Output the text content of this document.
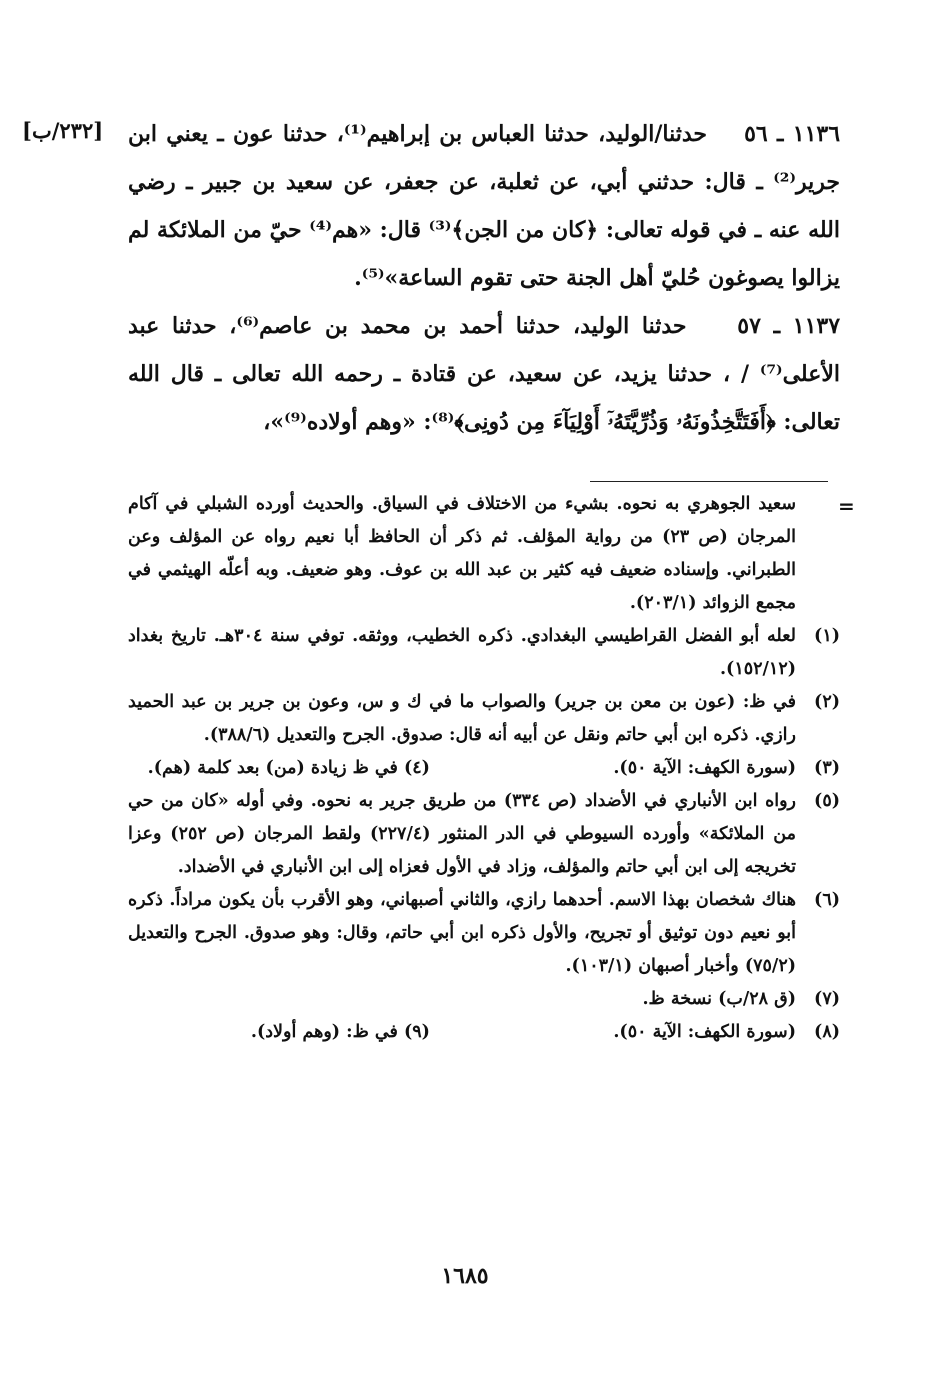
[٢٣٢/ب]	١١٣٦ ـ ٥٦    حدثنا/الوليد، حدثنا العباس بن إبراهيم⁽¹⁾، حدثنا عون ـ يعني ابن جرير⁽²⁾ ـ قال: حدثني أبي، عن ثعلبة، عن جعفر، عن سعيد بن جبير ـ رضي الله عنه ـ في قوله تعالى: ﴿كان من الجن﴾⁽³⁾ قال: «هم⁽⁴⁾ حيّ من الملائكة لم يزالوا يصوغون حُليّ أهل الجنة حتى تقوم الساعة»⁽⁵⁾.

١١٣٧ ـ ٥٧    حدثنا الوليد، حدثنا أحمد بن محمد بن عاصم⁽⁶⁾، حدثنا عبد الأعلى⁽⁷⁾ / ، حدثنا يزيد، عن سعيد، عن قتادة ـ رحمه الله تعالى ـ قال الله تعالى: ﴿أَفَتَتَّخِذُونَهُۥ وَذُرِّيَّتَهُۥٓ أَوْلِيَآءَ مِن دُونِى﴾⁽⁸⁾: «وهم أولاده⁽⁹⁾»،

=

سعيد الجوهري به نحوه. بشيء من الاختلاف في السياق. والحديث أورده الشبلي في آكام المرجان (ص ٢٣) من رواية المؤلف. ثم ذكر أن الحافظ أبا نعيم رواه عن المؤلف وعن الطبراني. وإسناده ضعيف فيه كثير بن عبد الله بن عوف. وهو ضعيف. وبه أعلّه الهيثمي في مجمع الزوائد (٢٠٣/١).

(١)
لعله أبو الفضل القراطيسي البغدادي. ذكره الخطيب، ووثقه. توفي سنة ٣٠٤هـ. تاريخ بغداد (١٥٢/١٢).

(٢)
في ظ: (عون بن معن بن جرير) والصواب ما في ك و س، وعون بن جرير بن عبد الحميد رازي. ذكره ابن أبي حاتم ونقل عن أبيه أنه قال: صدوق. الجرح والتعديل (٣٨٨/٦).

(٣)
(سورة الكهف: الآية ٥٠). (٤) في ظ زيادة (من) بعد كلمة (هم).

(٥)
رواه ابن الأنباري في الأضداد (ص ٣٣٤) من طريق جرير به نحوه. وفي أوله «كان من حي من الملائكة» وأورده السيوطي في الدر المنثور (٢٢٧/٤) ولقط المرجان (ص ٢٥٢) وعزا تخريجه إلى ابن أبي حاتم والمؤلف، وزاد في الأول فعزاه إلى ابن الأنباري في الأضداد.

(٦)
هناك شخصان بهذا الاسم. أحدهما رازي، والثاني أصبهاني، وهو الأقرب بأن يكون مراداً. ذكره أبو نعيم دون توثيق أو تجريح، والأول ذكره ابن أبي حاتم، وقال: وهو صدوق. الجرح والتعديل (٧٥/٢) وأخبار أصبهان (١٠٣/١).

(٧)
(ق ٢٨/ب) نسخة ظ.

(٨)
(سورة الكهف: الآية ٥٠). (٩) في ظ: (وهم أولاد).

١٦٨٥
